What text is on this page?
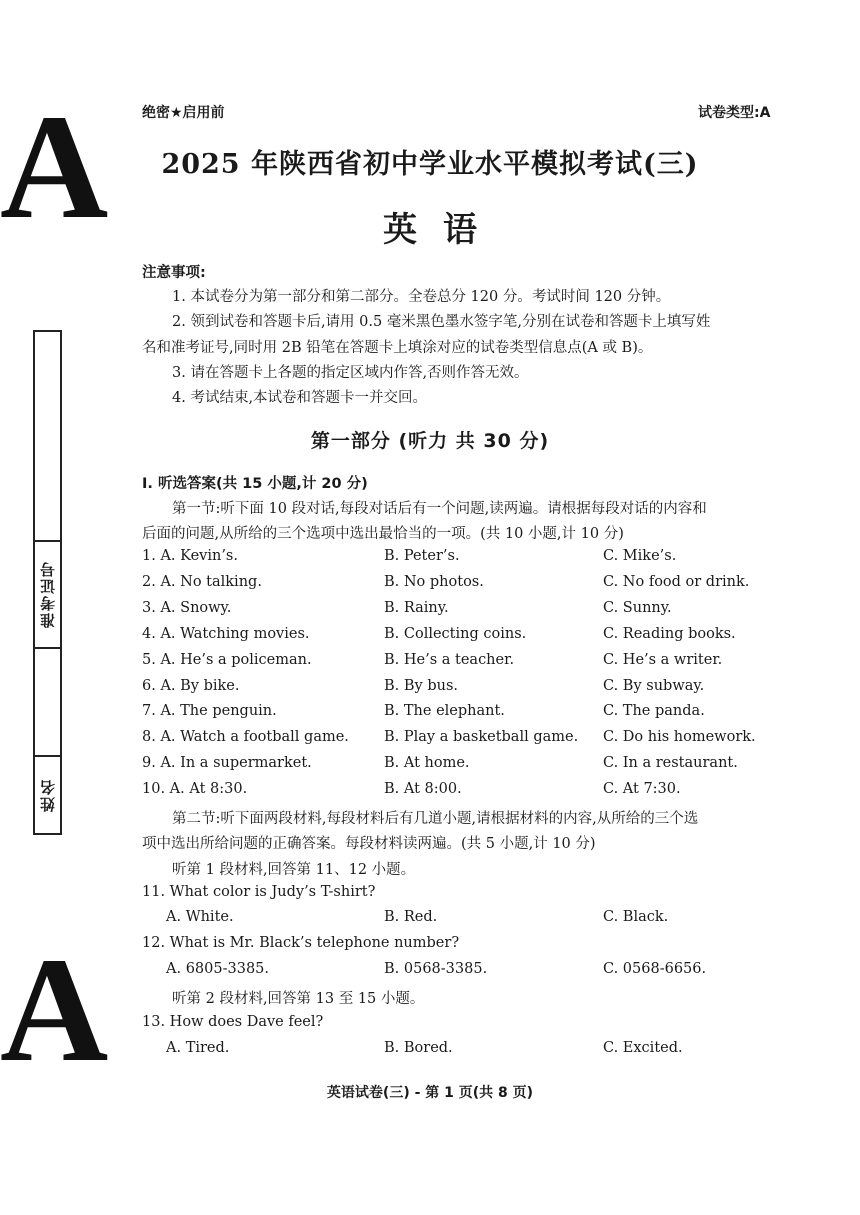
A
A
准考证号
姓名
绝密★启用前	试卷类型:A
2025 年陕西省初中学业水平模拟考试(三)
英语
注意事项:
1. 本试卷分为第一部分和第二部分。全卷总分 120 分。考试时间 120 分钟。
2. 领到试卷和答题卡后,请用 0.5 毫米黑色墨水签字笔,分别在试卷和答题卡上填写姓
名和准考证号,同时用 2B 铅笔在答题卡上填涂对应的试卷类型信息点(A 或 B)。
3. 请在答题卡上各题的指定区域内作答,否则作答无效。
4. 考试结束,本试卷和答题卡一并交回。
第一部分 (听力 共 30 分)
Ⅰ. 听选答案(共 15 小题,计 20 分)
第一节:听下面 10 段对话,每段对话后有一个问题,读两遍。请根据每段对话的内容和
后面的问题,从所给的三个选项中选出最恰当的一项。(共 10 小题,计 10 分)
1. A. Kevin’s.	B. Peter’s.	C. Mike’s.
2. A. No talking.	B. No photos.	C. No food or drink.
3. A. Snowy.	B. Rainy.	C. Sunny.
4. A. Watching movies.	B. Collecting coins.	C. Reading books.
5. A. He’s a policeman.	B. He’s a teacher.	C. He’s a writer.
6. A. By bike.	B. By bus.	C. By subway.
7. A. The penguin.	B. The elephant.	C. The panda.
8. A. Watch a football game. B. Play a basketball game. C. Do his homework.
9. A. In a supermarket.	B. At home.	C. In a restaurant.
10. A. At 8:30.	B. At 8:00.	C. At 7:30.
第二节:听下面两段材料,每段材料后有几道小题,请根据材料的内容,从所给的三个选
项中选出所给问题的正确答案。每段材料读两遍。(共 5 小题,计 10 分)
听第 1 段材料,回答第 11、12 小题。
11. What color is Judy’s T-shirt?
A. White.	B. Red.	C. Black.
12. What is Mr. Black’s telephone number?
A. 6805-3385.	B. 0568-3385.	C. 0568-6656.
听第 2 段材料,回答第 13 至 15 小题。
13. How does Dave feel?
A. Tired.	B. Bored.	C. Excited.
英语试卷(三) - 第 1 页(共 8 页)
